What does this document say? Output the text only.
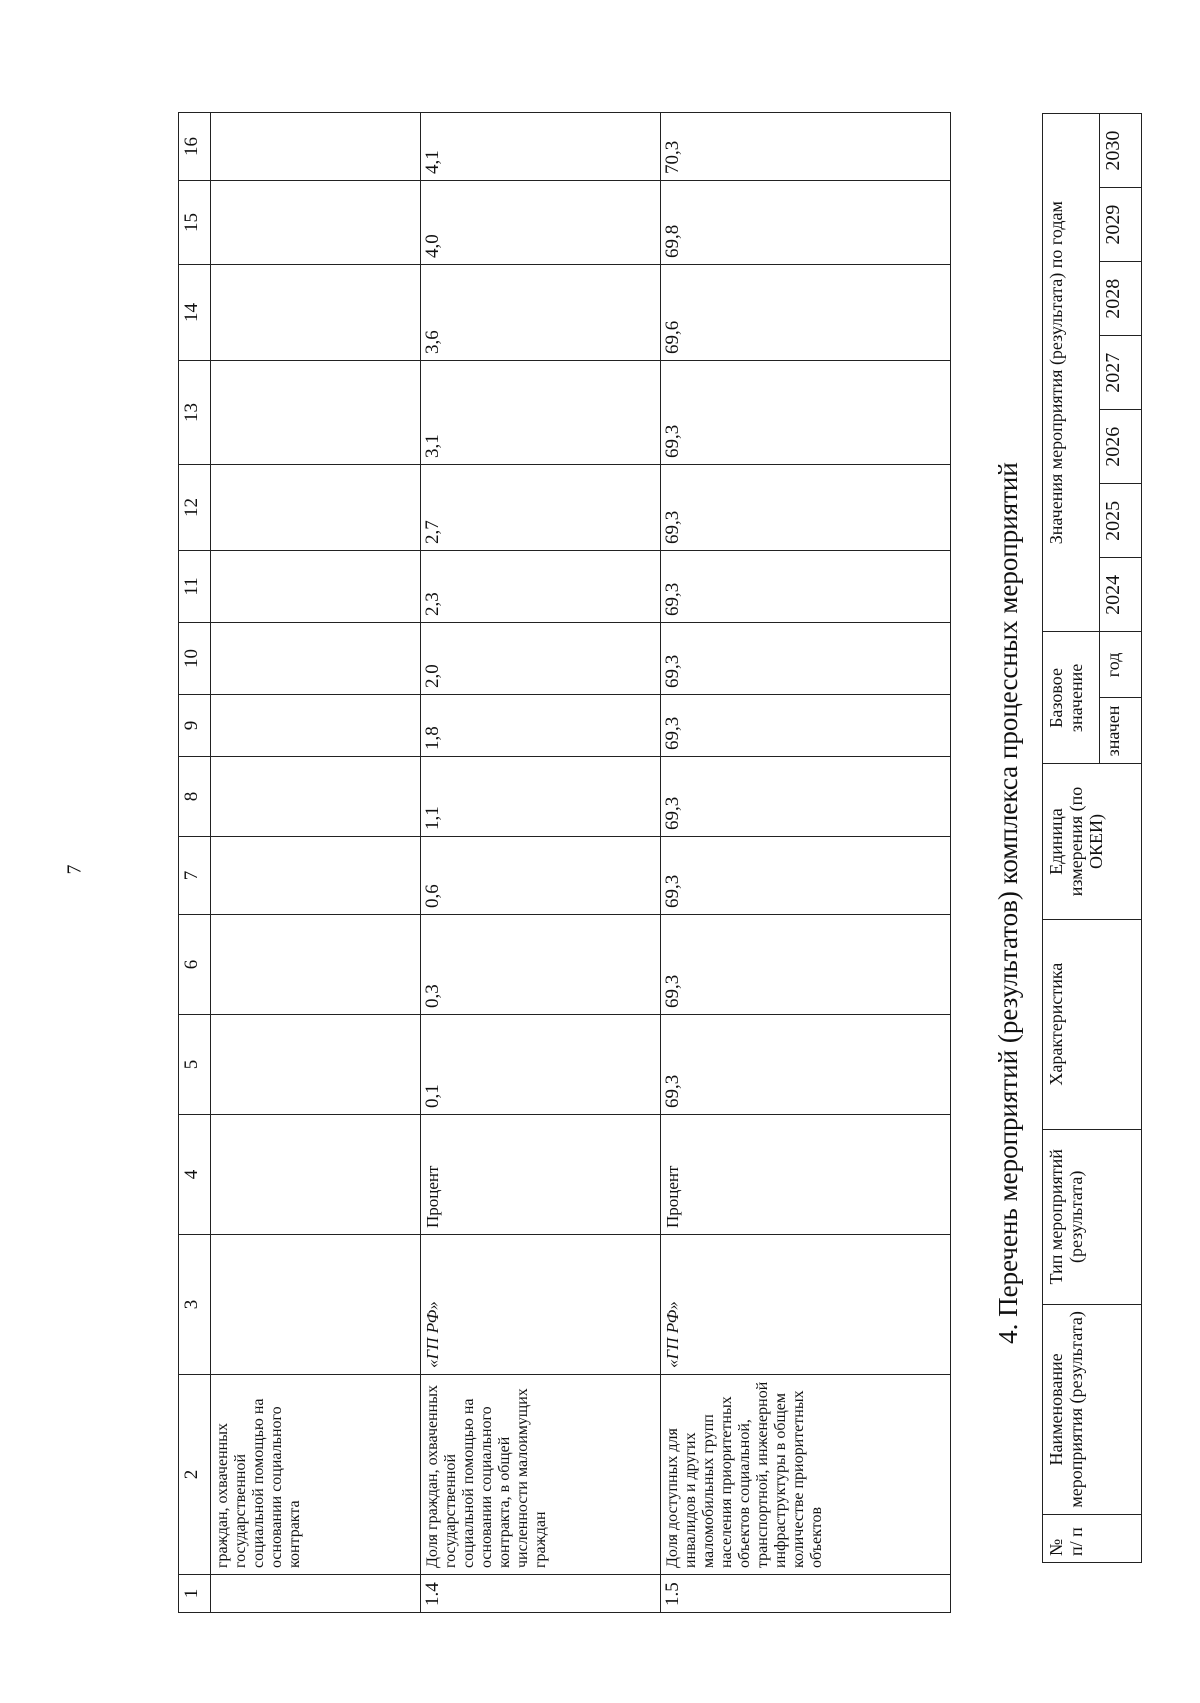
7
1	2	3	4	5	6	7	8	9	10	11	12	13	14	15	16
	граждан, охваченных государственной социальной помощью на основании социального контракта														
1.4	Доля граждан, охваченных государственной социальной помощью на основании социального контракта, в общей численности малоимущих граждан	«ГП РФ»	Процент	0,1	0,3	0,6	1,1	1,8	2,0	2,3	2,7	3,1	3,6	4,0	4,1
1.5	Доля доступных для инвалидов и других маломобильных групп населения приоритетных объектов социальной, транспортной, инженерной инфраструктуры в общем количестве приоритетных объектов	«ГП РФ»	Процент	69,3	69,3	69,3	69,3	69,3	69,3	69,3	69,3	69,3	69,6	69,8	70,3
4. Перечень мероприятий (результатов) комплекса процессных мероприятий
№ п/ п	Наименование мероприятия (результата)	Тип мероприятий (результата)	Характеристика	Единица измерения (по ОКЕИ)	Базовое значение		Значения мероприятия (результата) по годам						
					значен	год	2024	2025	2026	2027	2028	2029	2030
